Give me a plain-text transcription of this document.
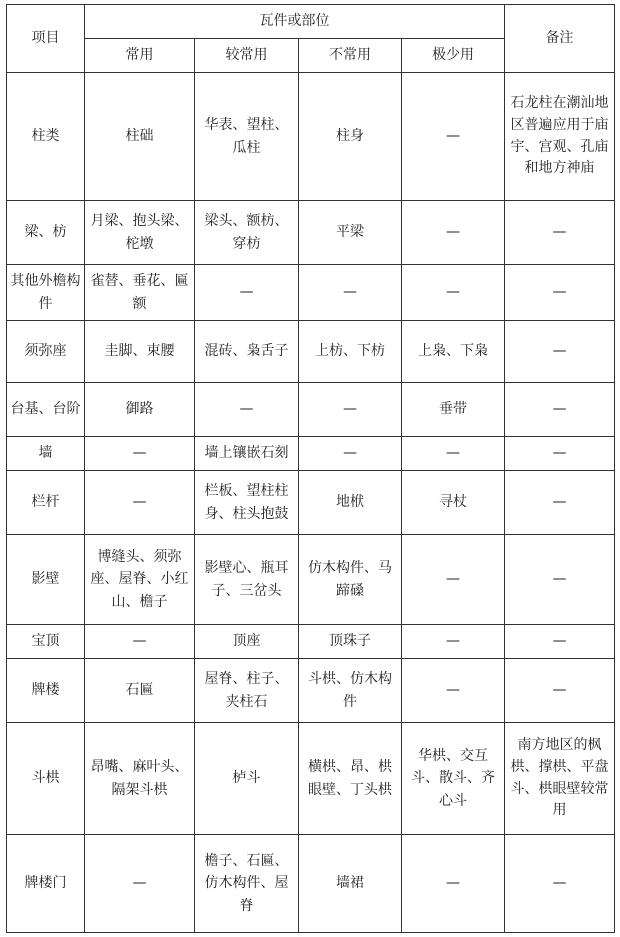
项目	瓦件或部位				备注
	常用	较常用	不常用	极少用	
柱类	柱础	华表、望柱、瓜柱	柱身	—	石龙柱在潮汕地区普遍应用于庙宇、宫观、孔庙和地方神庙
梁、枋	月梁、抱头梁、柁墩	梁头、额枋、穿枋	平梁	—	—
其他外檐构件	雀替、垂花、匾额	—	—	—	—
须弥座	圭脚、束腰	混砖、枭舌子	上枋、下枋	上枭、下枭	—
台基、台阶	御路	—	—	垂带	—
墙	—	墙上镶嵌石刻	—	—	—
栏杆	—	栏板、望柱柱身、柱头抱鼓	地栿	寻杖	—
影壁	博缝头、须弥座、屋脊、小红山、檐子	影壁心、瓶耳子、三岔头	仿木构件、马蹄磉	—	—
宝顶	—	顶座	顶珠子	—	—
牌楼	石匾	屋脊、柱子、夹柱石	斗栱、仿木构件	—	—
斗栱	昂嘴、麻叶头、隔架斗栱	栌斗	横栱、昂、栱眼壁、丁头栱	华栱、交互斗、散斗、齐心斗	南方地区的枫栱、撑栱、平盘斗、栱眼壁较常用
牌楼门	—	檐子、石匾、仿木构件、屋脊	墙裙	—	—
